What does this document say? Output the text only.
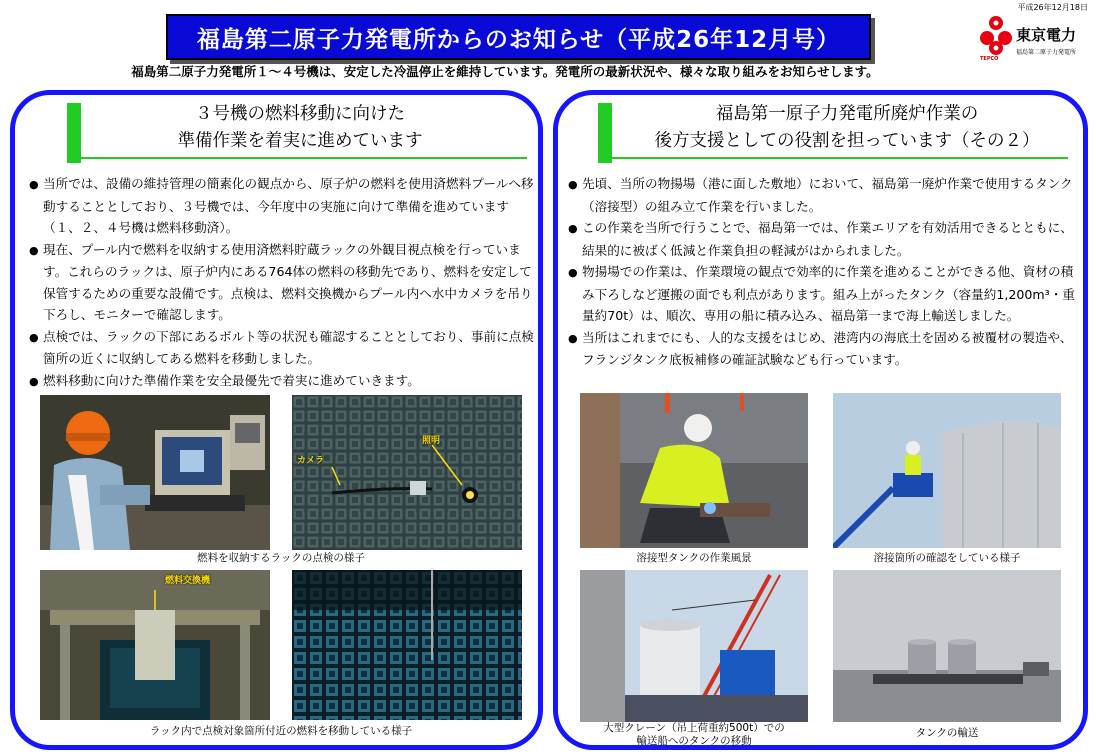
平成26年12月18日
福島第二原子力発電所からのお知らせ（平成26年12月号）	東京電力
福島第二原子力発電所
TEPCO
福島第二原子力発電所１～４号機は、安定した冷温停止を維持しています。発電所の最新状況や、様々な取り組みをお知らせします。
３号機の燃料移動に向けた
準備作業を着実に進めています
● 当所では、設備の維持管理の簡素化の観点から、原子炉の燃料を使用済燃料プールへ移動することとしており、３号機では、今年度中の実施に向けて準備を進めています（１、２、４号機は燃料移動済）。
● 現在、プール内で燃料を収納する使用済燃料貯蔵ラックの外観目視点検を行っています。これらのラックは、原子炉内にある764体の燃料の移動先であり、燃料を安定して保管するための重要な設備です。点検は、燃料交換機からプール内へ水中カメラを吊り下ろし、モニターで確認します。
● 点検では、ラックの下部にあるボルト等の状況も確認することとしており、事前に点検箇所の近くに収納してある燃料を移動しました。
● 燃料移動に向けた準備作業を安全最優先で着実に進めていきます。
カメラ
照明
燃料を収納するラックの点検の様子
燃料交換機
ラック内で点検対象箇所付近の燃料を移動している様子
福島第一原子力発電所廃炉作業の
後方支援としての役割を担っています（その２）
● 先頃、当所の物揚場（港に面した敷地）において、福島第一廃炉作業で使用するタンク（溶接型）の組み立て作業を行いました。
● この作業を当所で行うことで、福島第一では、作業エリアを有効活用できるとともに、結果的に被ばく低減と作業負担の軽減がはかられました。
● 物揚場での作業は、作業環境の観点で効率的に作業を進めることができる他、資材の積み下ろしなど運搬の面でも利点があります。組み上がったタンク（容量約1,200m³・重量約70t）は、順次、専用の船に積み込み、福島第一まで海上輸送しました。
● 当所はこれまでにも、人的な支援をはじめ、港湾内の海底土を固める被覆材の製造や、フランジタンク底板補修の確証試験なども行っています。
溶接型タンクの作業風景	溶接箇所の確認をしている様子
大型クレーン（吊上荷重約500t）での
輸送船へのタンクの移動
タンクの輸送
